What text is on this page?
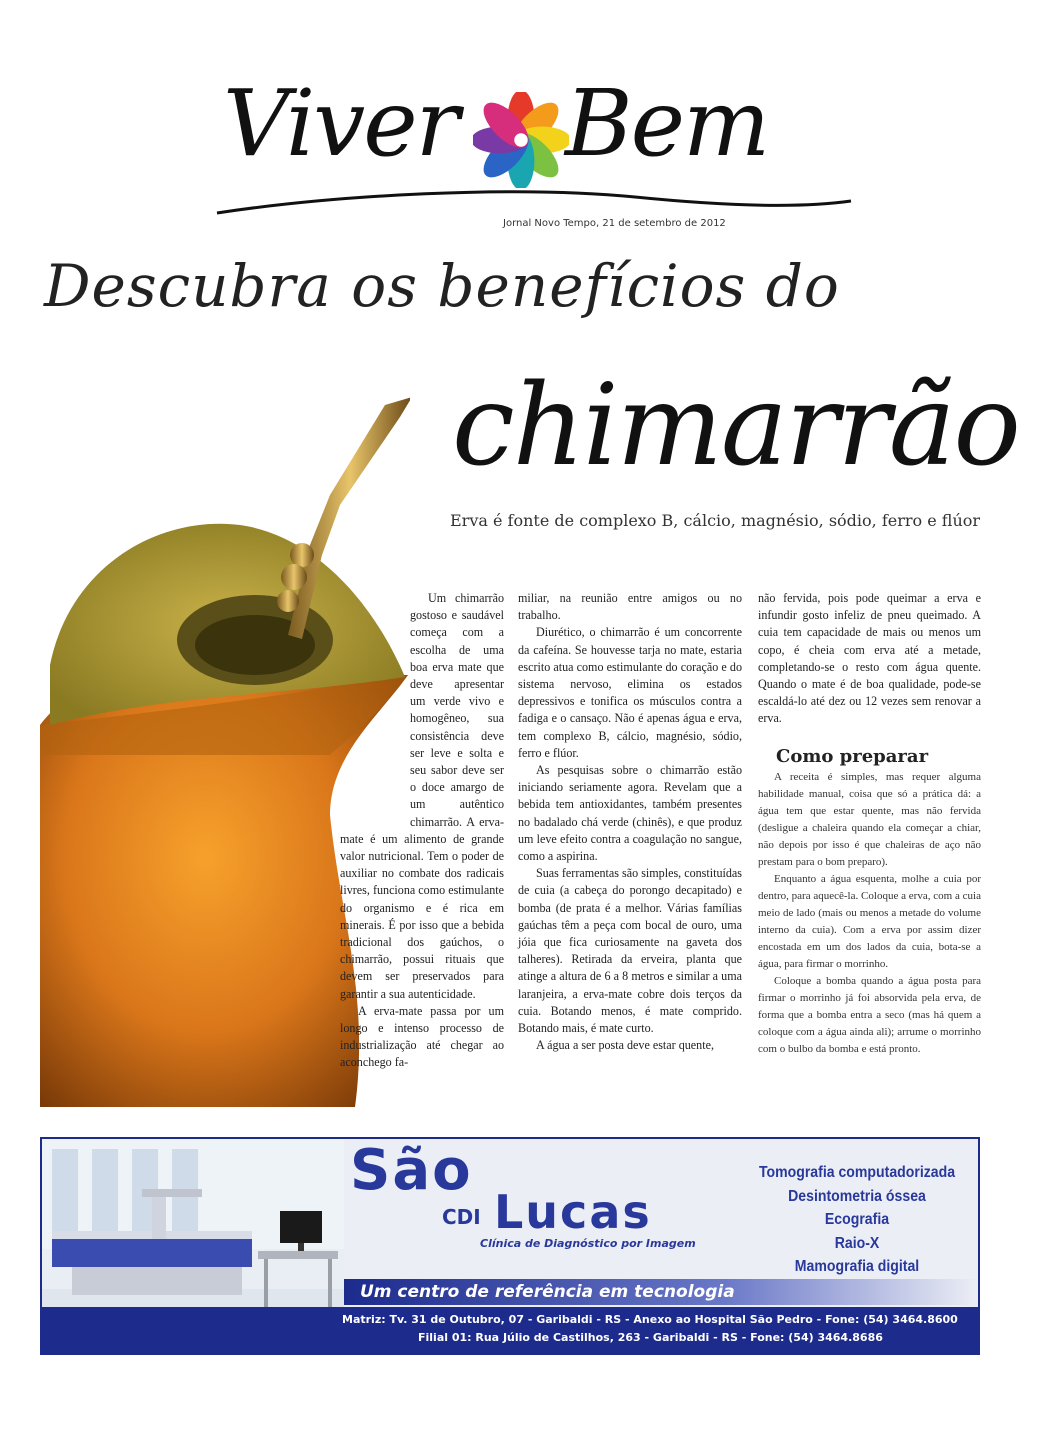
Viver Bem
Jornal Novo Tempo, 21 de setembro de 2012
Descubra os benefícios do
chimarrão
Erva é fonte de complexo B, cálcio, magnésio, sódio, ferro e flúor

Um chimarrão gostoso e saudável começa com a escolha de uma boa erva mate que deve apresentar um verde vivo e homogêneo, sua consistência deve ser leve e solta e seu sabor deve ser o doce amargo de um autêntico chimarrão. A erva-mate é um alimento de grande valor nutricional. Tem o poder de auxiliar no combate dos radicais livres, funciona como estimulante do organismo e é rica em minerais. É por isso que a bebida tradicional dos gaúchos, o chimarrão, possui rituais que devem ser preservados para garantir a sua autenticidade.

A erva-mate passa por um longo e intenso processo de industrialização até chegar ao aconchego fa-

miliar, na reunião entre amigos ou no trabalho.

Diurético, o chimarrão é um concorrente da cafeína. Se houvesse tarja no mate, estaria escrito atua como estimulante do coração e do sistema nervoso, elimina os estados depressivos e tonifica os músculos contra a fadiga e o cansaço. Não é apenas água e erva, tem complexo B, cálcio, magnésio, sódio, ferro e flúor.

As pesquisas sobre o chimarrão estão iniciando seriamente agora. Revelam que a bebida tem antioxidantes, também presentes no badalado chá verde (chinês), e que produz um leve efeito contra a coagulação no sangue, como a aspirina.

Suas ferramentas são simples, constituídas de cuia (a cabeça do porongo decapitado) e bomba (de prata é a melhor. Várias famílias gaúchas têm a peça com bocal de ouro, uma jóia que fica curiosamente na gaveta dos talheres). Retirada da erveira, planta que atinge a altura de 6 a 8 metros e similar a uma laranjeira, a erva-mate cobre dois terços da cuia. Botando menos, é mate comprido. Botando mais, é mate curto.

A água a ser posta deve estar quente,

não fervida, pois pode queimar a erva e infundir gosto infeliz de pneu queimado. A cuia tem capacidade de mais ou menos um copo, é cheia com erva até a metade, completando-se o resto com água quente. Quando o mate é de boa qualidade, pode-se escaldá-lo até dez ou 12 vezes sem renovar a erva.

Como preparar

A receita é simples, mas requer alguma habilidade manual, coisa que só a prática dá: a água tem que estar quente, mas não fervida (desligue a chaleira quando ela começar a chiar, não depois por isso é que chaleiras de aço não prestam para o bom preparo).

Enquanto a água esquenta, molhe a cuia por dentro, para aquecê-la. Coloque a erva, com a cuia meio de lado (mais ou menos a metade do volume interno da cuia). Com a erva por assim dizer encostada em um dos lados da cuia, bota-se a água, para firmar o morrinho.

Coloque a bomba quando a água posta para firmar o morrinho já foi absorvida pela erva, de forma que a bomba entra a seco (mas há quem a coloque com a água ainda ali); arrume o morrinho com o bulbo da bomba e está pronto.

São
CDI Lucas
Clínica de Diagnóstico por Imagem
Tomografia computadorizada
Desintometria óssea
Ecografia
Raio-X
Mamografia digital
Um centro de referência em tecnologia
Matriz: Tv. 31 de Outubro, 07 - Garibaldi - RS - Anexo ao Hospital São Pedro - Fone: (54) 3464.8600
Filial 01: Rua Júlio de Castilhos, 263 - Garibaldi - RS - Fone: (54) 3464.8686
